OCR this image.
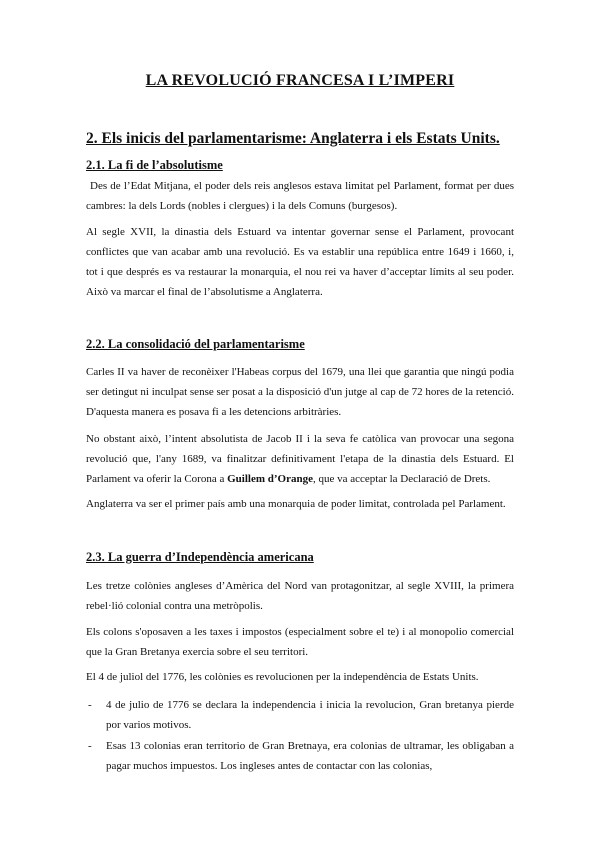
LA REVOLUCIÓ FRANCESA I L’IMPERI
2. Els inicis del parlamentarisme: Anglaterra i els Estats Units.
2.1. La fi de l’absolutisme

Des de l’Edat Mitjana, el poder dels reis anglesos estava limitat pel Parlament, format per dues cambres: la dels Lords (nobles i clergues) i la dels Comuns (burgesos).

Al segle XVII, la dinastia dels Estuard va intentar governar sense el Parlament, provocant conflictes que van acabar amb una revolució. Es va establir una república entre 1649 i 1660, i, tot i que després es va restaurar la monarquia, el nou rei va haver d’acceptar límits al seu poder. Això va marcar el final de l’absolutisme a Anglaterra.

2.2. La consolidació del parlamentarisme

Carles II va haver de reconèixer l'Habeas corpus del 1679, una llei que garantia que ningú podia ser detingut ni inculpat sense ser posat a la disposició d'un jutge al cap de 72 hores de la retenció. D'aquesta manera es posava fi a les detencions arbitràries.

No obstant això, l’intent absolutista de Jacob II i la seva fe catòlica van provocar una segona revolució que, l'any 1689, va finalitzar definitivament l'etapa de la dinastia dels Estuard. El Parlament va oferir la Corona a Guillem d’Orange, que va acceptar la Declaració de Drets.

Anglaterra va ser el primer país amb una monarquia de poder limitat, controlada pel Parlament.

2.3. La guerra d’Independència americana

Les tretze colònies angleses d’Amèrica del Nord van protagonitzar, al segle XVIII, la primera rebel·lió colonial contra una metròpolis.

Els colons s'oposaven a les taxes i impostos (especialment sobre el te) i al monopolio comercial que la Gran Bretanya exercia sobre el seu territori.

El 4 de juliol del 1776, les colònies es revolucionen per la independència de Estats Units.

- 4 de julio de 1776 se declara la independencia i inicia la revolucion, Gran bretanya pierde por varios motivos.
- Esas 13 colonias eran territorio de Gran Bretnaya, era colonias de ultramar, les obligaban a pagar muchos impuestos. Los ingleses antes de contactar con las colonias,
